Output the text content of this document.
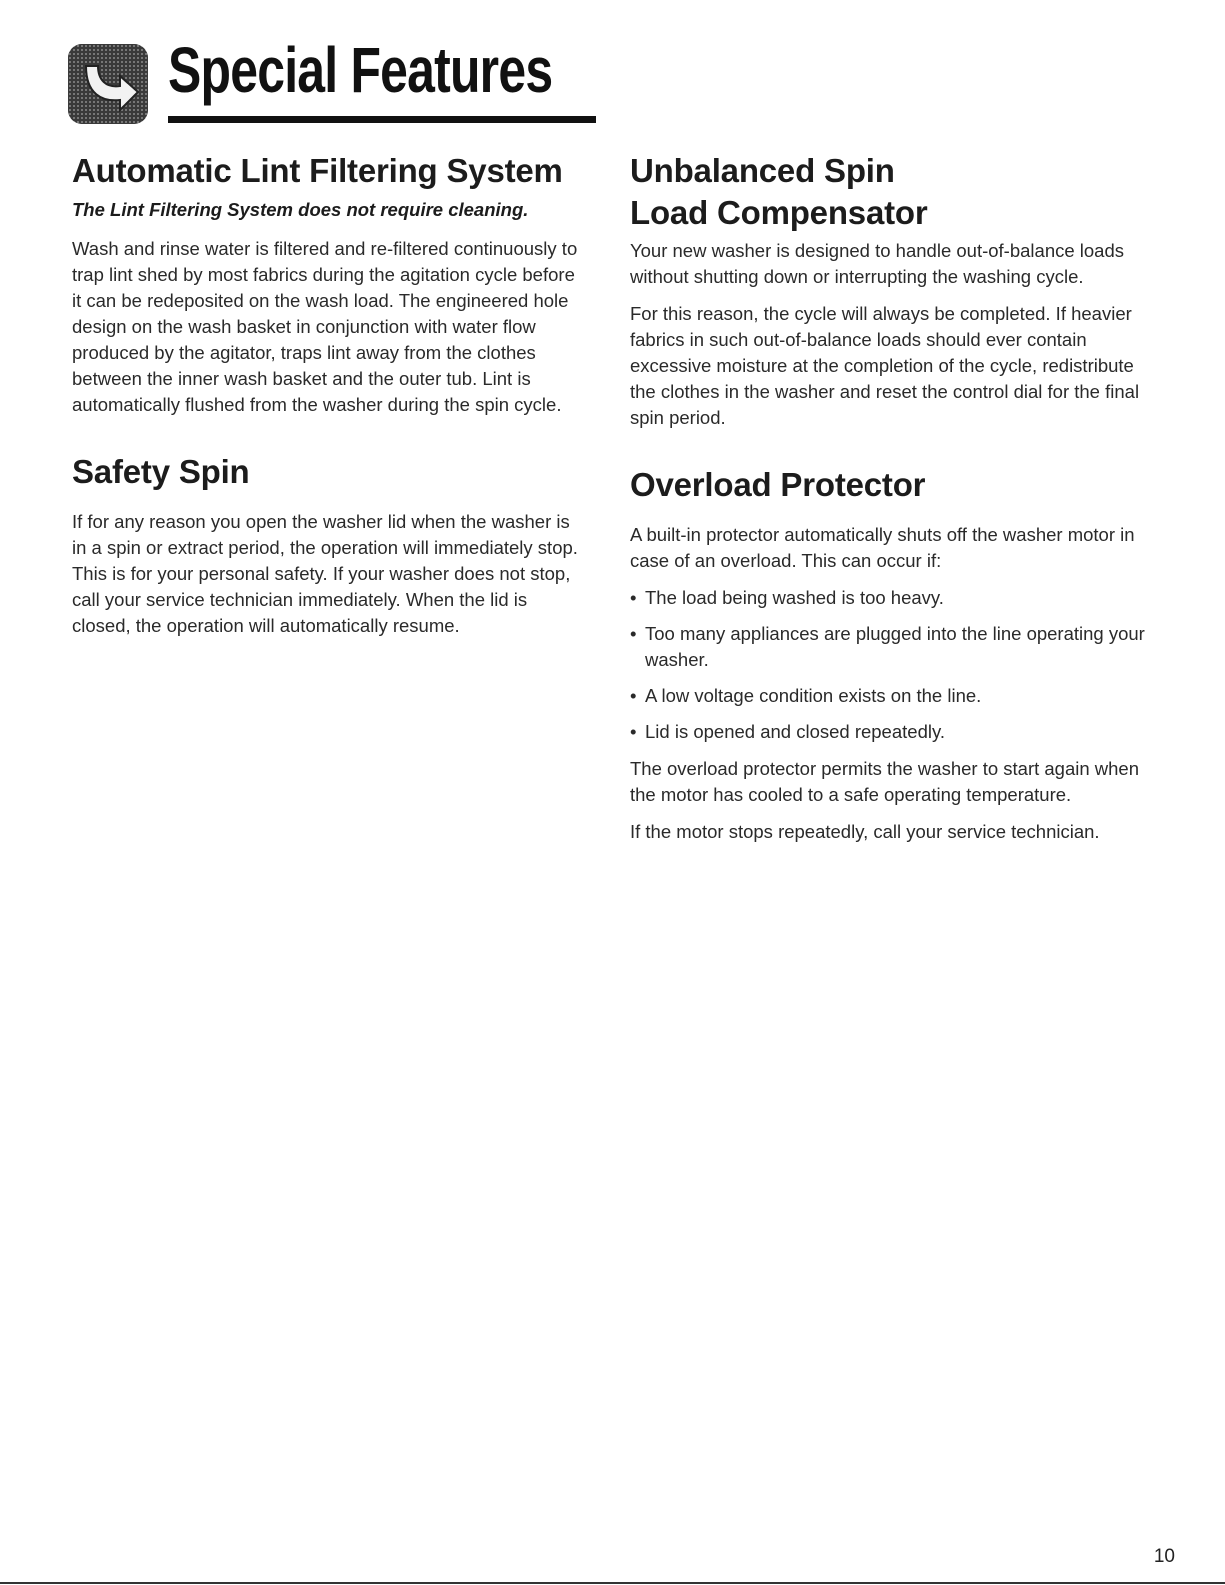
Special Features
Automatic Lint Filtering System
The Lint Filtering System does not require cleaning.

Wash and rinse water is filtered and re-filtered continuously to trap lint shed by most fabrics during the agitation cycle before it can be redeposited on the wash load. The engineered hole design on the wash basket in conjunction with water flow produced by the agitator, traps lint away from the clothes between the inner wash basket and the outer tub. Lint is automatically flushed from the washer during the spin cycle.

Safety Spin

If for any reason you open the washer lid when the washer is in a spin or extract period, the operation will immediately stop. This is for your personal safety. If your washer does not stop, call your service technician immediately. When the lid is closed, the operation will automatically resume.

Unbalanced Spin
Load Compensator

Your new washer is designed to handle out-of-balance loads without shutting down or interrupting the washing cycle.

For this reason, the cycle will always be completed. If heavier fabrics in such out-of-balance loads should ever contain excessive moisture at the completion of the cycle, redistribute the clothes in the washer and reset the control dial for the final spin period.

Overload Protector

A built-in protector automatically shuts off the washer motor in case of an overload. This can occur if:

• The load being washed is too heavy.
• Too many appliances are plugged into the line operating your washer.
• A low voltage condition exists on the line.
• Lid is opened and closed repeatedly.

The overload protector permits the washer to start again when the motor has cooled to a safe operating temperature.

If the motor stops repeatedly, call your service technician.

10
